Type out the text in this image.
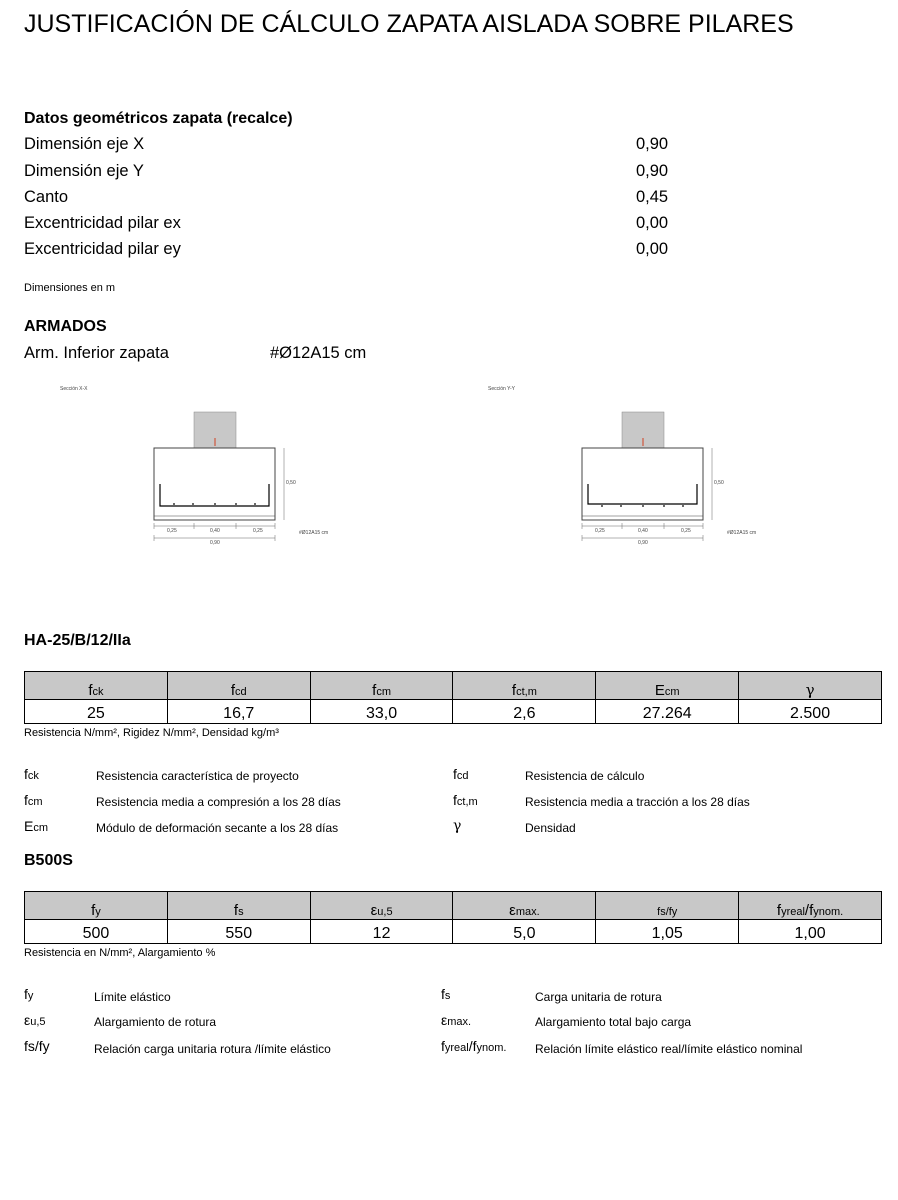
JUSTIFICACIÓN DE CÁLCULO ZAPATA AISLADA SOBRE PILARES
Datos geométricos zapata (recalce)
Dimensión eje X	0,90
Dimensión eje Y	0,90
Canto	0,45
Excentricidad pilar ex	0,00
Excentricidad pilar ey	0,00
Dimensiones en m
ARMADOS
Arm. Inferior zapata	#Ø12A15 cm
Sección X-X
0,50
0,25	0,40	0,25
0,90
#Ø12A15 cm
Sección Y-Y
0,50
0,25	0,40	0,25
0,90
#Ø12A15 cm
HA-25/B/12/IIa
fck	fcd	fcm	fct,m	Ecm	γ
25	16,7	33,0	2,6	27.264	2.500
Resistencia N/mm², Rigidez N/mm², Densidad kg/m³
fck	Resistencia característica de proyecto	fcd	Resistencia de cálculo
fcm	Resistencia media a compresión a los 28 días	fct,m	Resistencia media a tracción a los 28 días
Ecm	Módulo de deformación secante a los 28 días	γ	Densidad
B500S
fy	fs	εu,5	εmax.	fs/fy	fyreal/fynom.
500	550	12	5,0	1,05	1,00
Resistencia en N/mm², Alargamiento %
fy	Límite elástico	fs	Carga unitaria de rotura
εu,5	Alargamiento de rotura	εmax.	Alargamiento total bajo carga
fs/fy	Relación carga unitaria rotura /límite elástico	fyreal/fynom. Relación límite elástico real/límite elástico nominal
